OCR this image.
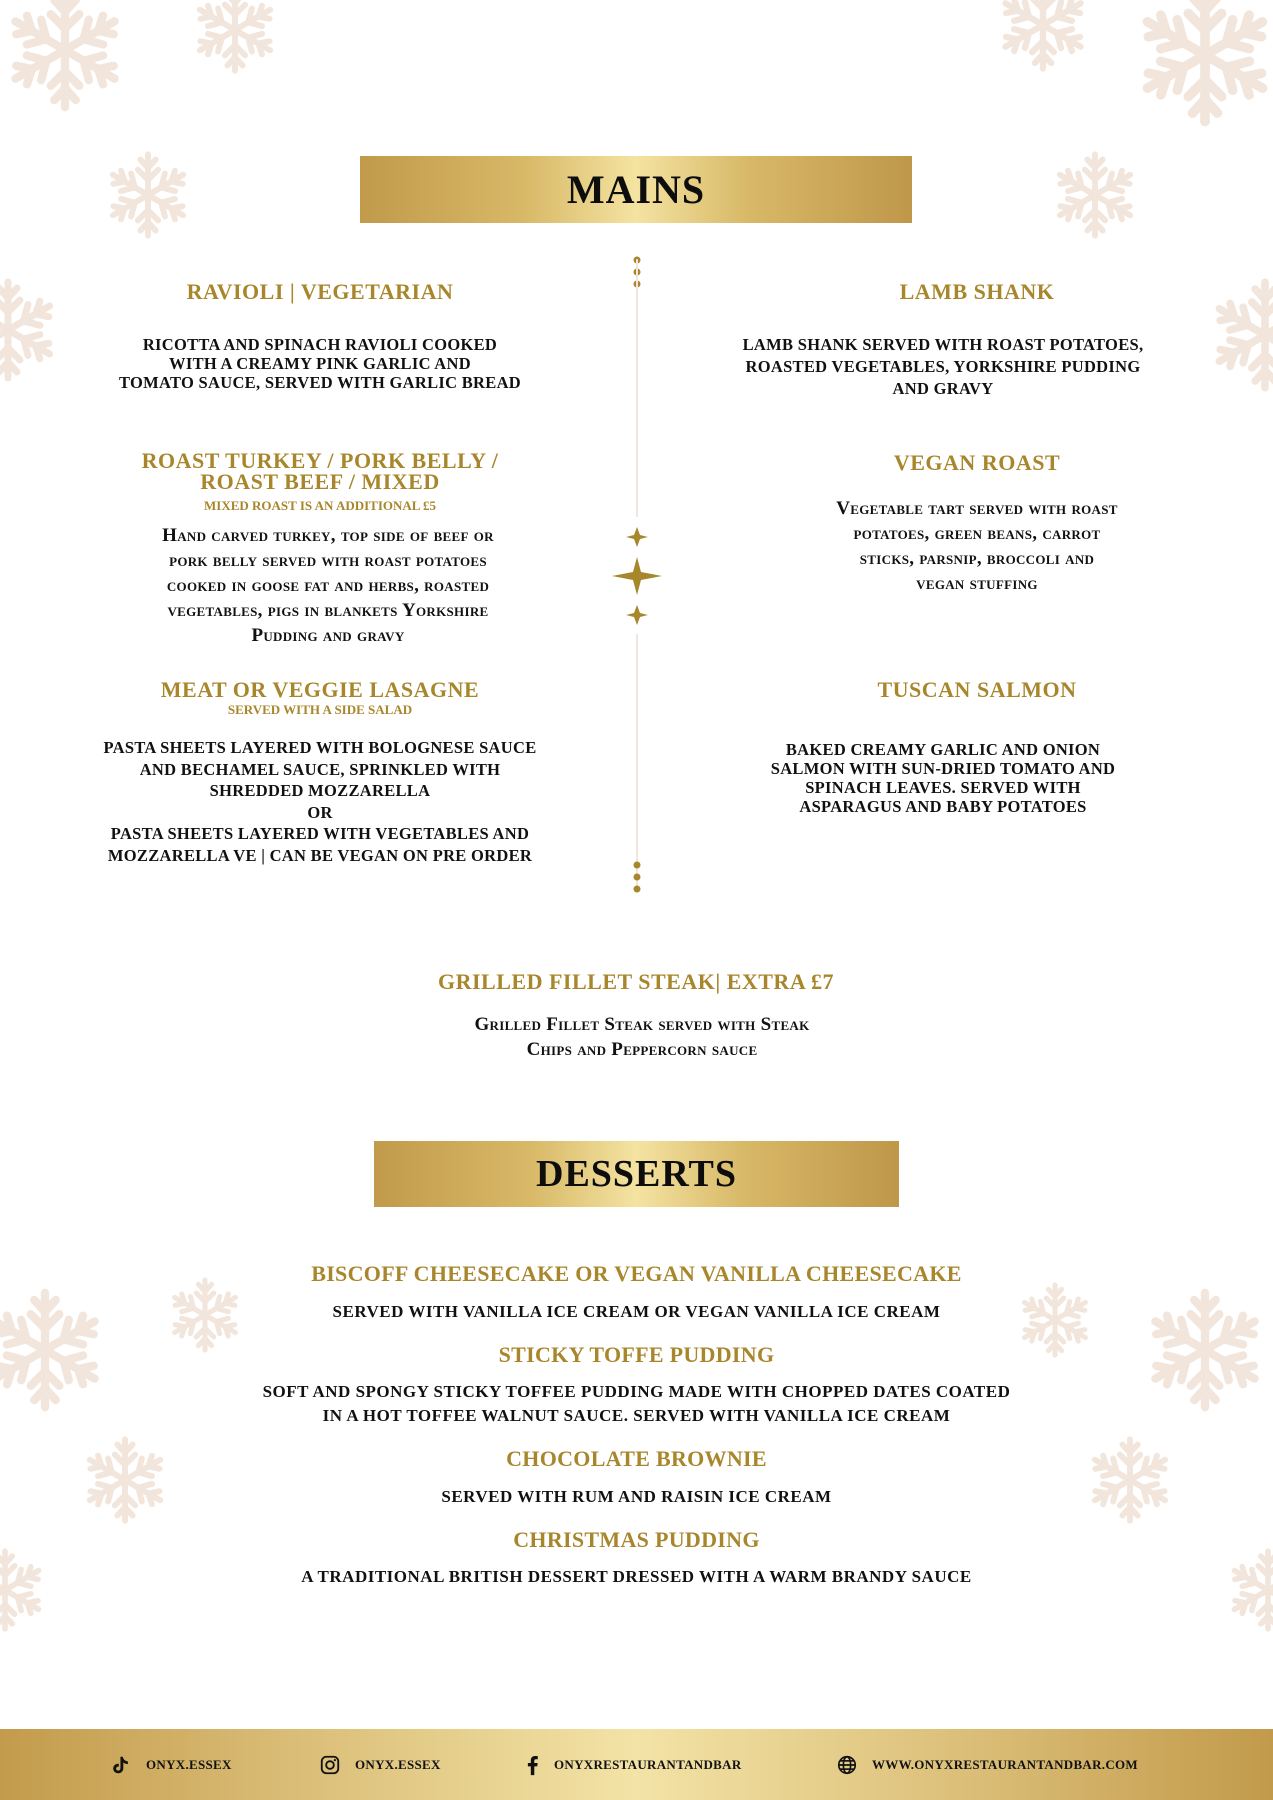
MAINS
RAVIOLI | VEGETARIAN
RICOTTA AND SPINACH RAVIOLI COOKED
WITH A CREAMY PINK GARLIC AND
TOMATO SAUCE, SERVED WITH GARLIC BREAD
LAMB SHANK
LAMB SHANK SERVED WITH ROAST POTATOES,
ROASTED VEGETABLES, YORKSHIRE PUDDING
AND GRAVY
ROAST TURKEY / PORK BELLY /
ROAST BEEF / MIXED
MIXED ROAST IS AN ADDITIONAL £5
Hand carved turkey, top side of beef or
pork belly served with roast potatoes
cooked in goose fat and herbs, roasted
vegetables, pigs in blankets Yorkshire
Pudding and gravy
VEGAN ROAST
Vegetable tart served with roast
potatoes, green beans, carrot
sticks, parsnip, broccoli and
vegan stuffing
MEAT OR VEGGIE LASAGNE
SERVED WITH A SIDE SALAD
PASTA SHEETS LAYERED WITH BOLOGNESE SAUCE
AND BECHAMEL SAUCE, SPRINKLED WITH
SHREDDED MOZZARELLA
OR
PASTA SHEETS LAYERED WITH VEGETABLES AND
MOZZARELLA VE | CAN BE VEGAN ON PRE ORDER
TUSCAN SALMON
BAKED CREAMY GARLIC AND ONION
SALMON WITH SUN-DRIED TOMATO AND
SPINACH LEAVES. SERVED WITH
ASPARAGUS AND BABY POTATOES
GRILLED FILLET STEAK| EXTRA £7
Grilled Fillet Steak served with Steak
Chips and Peppercorn sauce
DESSERTS
BISCOFF CHEESECAKE OR VEGAN VANILLA CHEESECAKE
SERVED WITH VANILLA ICE CREAM OR VEGAN VANILLA ICE CREAM
STICKY TOFFE PUDDING
SOFT AND SPONGY STICKY TOFFEE PUDDING MADE WITH CHOPPED DATES COATED
IN A HOT TOFFEE WALNUT SAUCE. SERVED WITH VANILLA ICE CREAM
CHOCOLATE BROWNIE
SERVED WITH RUM AND RAISIN ICE CREAM
CHRISTMAS PUDDING
A TRADITIONAL BRITISH DESSERT DRESSED WITH A WARM BRANDY SAUCE
ONYX.ESSEX	ONYX.ESSEX	ONYXRESTAURANTANDBAR	WWW.ONYXRESTAURANTANDBAR.COM
